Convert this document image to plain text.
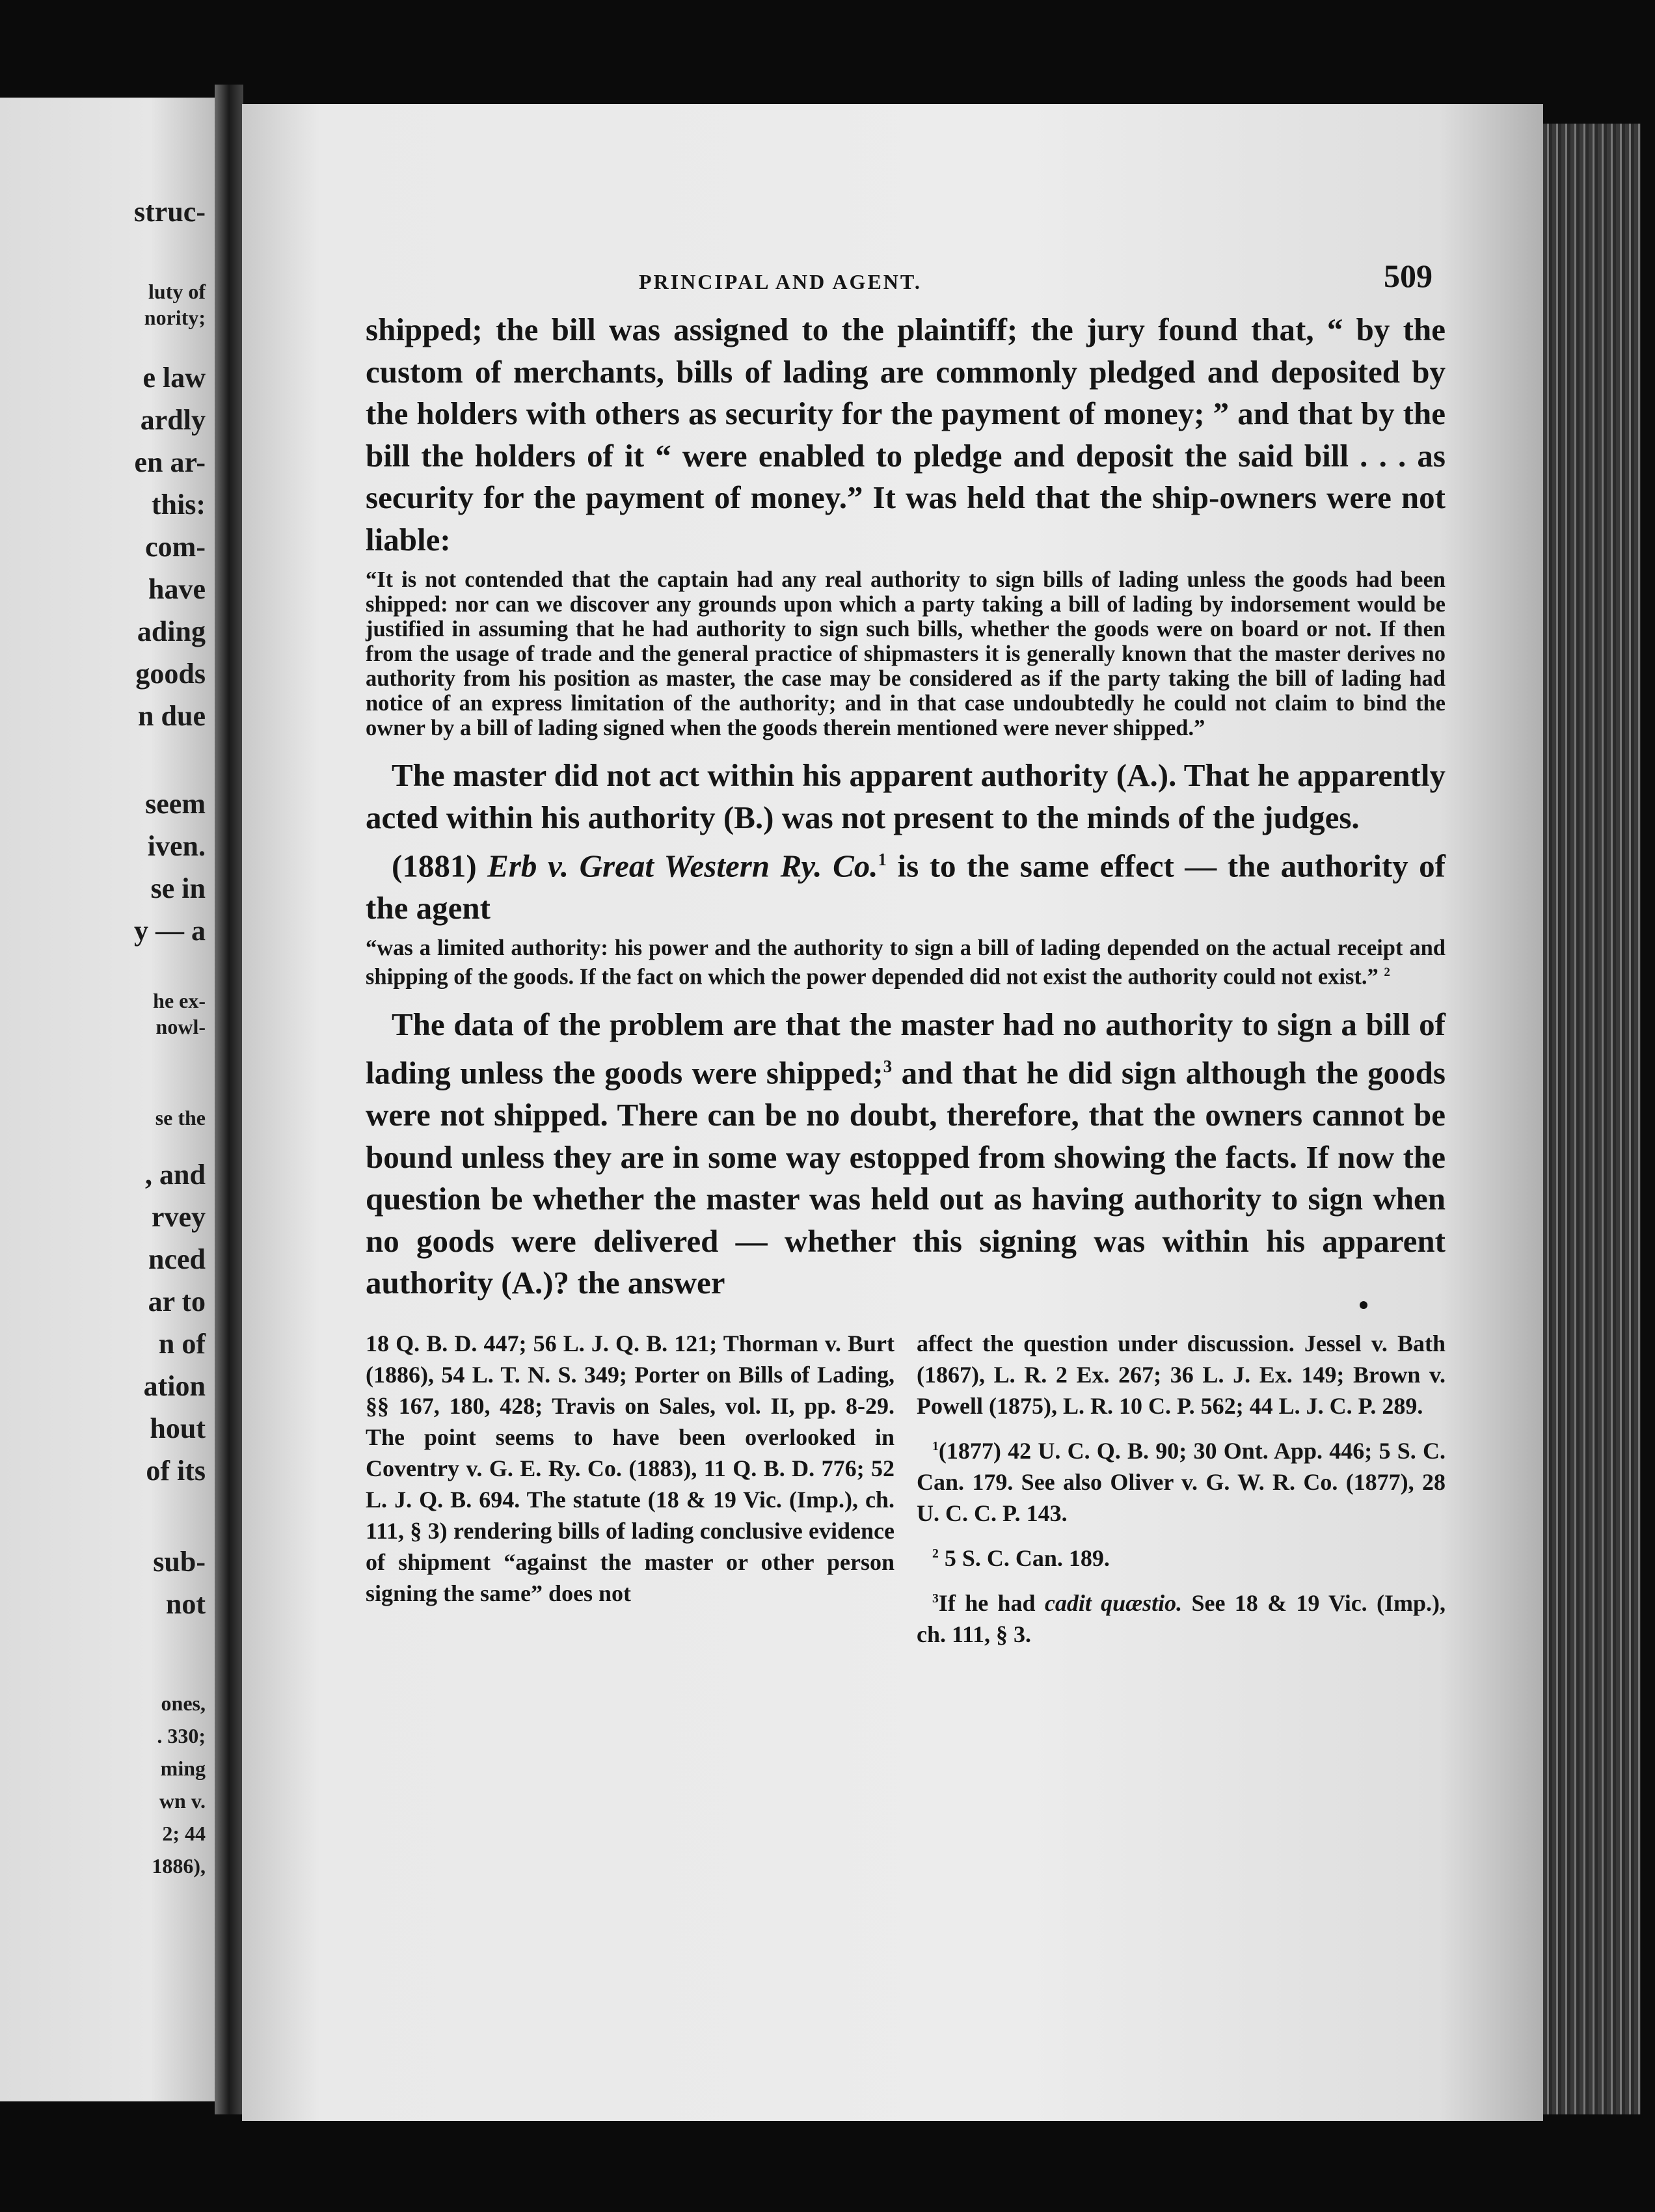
struc-
luty of
nority;
e law
ardly
en ar-
this:
com-
have
ading
goods
n due
seem
iven.
se in
y — a
he ex-
nowl-
se the
, and
rvey
nced
ar to
n of
ation
hout
of its
sub-
not
ones,
. 330;
ming
wn v.
2; 44
1886),
PRINCIPAL AND AGENT.	509

shipped; the bill was assigned to the plaintiff; the jury found that, “ by the custom of merchants, bills of lading are commonly pledged and deposited by the holders with others as security for the payment of money; ” and that by the bill the holders of it “ were enabled to pledge and deposit the said bill . . . as security for the payment of money.” It was held that the ship-owners were not liable:

“It is not contended that the captain had any real authority to sign bills of lading unless the goods had been shipped: nor can we discover any grounds upon which a party taking a bill of lading by indorsement would be justified in assuming that he had authority to sign such bills, whether the goods were on board or not. If then from the usage of trade and the general practice of shipmasters it is generally known that the master derives no authority from his position as master, the case may be considered as if the party taking the bill of lading had notice of an express limitation of the authority; and in that case undoubtedly he could not claim to bind the owner by a bill of lading signed when the goods therein mentioned were never shipped.”

The master did not act within his apparent authority (A.). That he apparently acted within his authority (B.) was not present to the minds of the judges.

(1881) Erb v. Great Western Ry. Co.$^1$ is to the same effect — the authority of the agent

“was a limited authority: his power and the authority to sign a bill of lading depended on the actual receipt and shipping of the goods. If the fact on which the power depended did not exist the authority could not exist.” $^2$

The data of the problem are that the master had no authority to sign a bill of lading unless the goods were shipped;$^3$ and that he did sign although the goods were not shipped. There can be no doubt, therefore, that the owners cannot be bound unless they are in some way estopped from showing the facts. If now the question be whether the master was held out as having authority to sign when no goods were delivered — whether this signing was within his apparent authority (A.)? the answer

18 Q. B. D. 447; 56 L. J. Q. B. 121; Thorman v. Burt (1886), 54 L. T. N. S. 349; Porter on Bills of Lading, §§ 167, 180, 428; Travis on Sales, vol. II, pp. 8-29. The point seems to have been overlooked in Coventry v. G. E. Ry. Co. (1883), 11 Q. B. D. 776; 52 L. J. Q. B. 694. The statute (18 & 19 Vic. (Imp.), ch. 111, § 3) rendering bills of lading conclusive evidence of shipment “against the master or other person signing the same” does not

affect the question under discussion. Jessel v. Bath (1867), L. R. 2 Ex. 267; 36 L. J. Ex. 149; Brown v. Powell (1875), L. R. 10 C. P. 562; 44 L. J. C. P. 289.

$^1$(1877) 42 U. C. Q. B. 90; 30 Ont. App. 446; 5 S. C. Can. 179. See also Oliver v. G. W. R. Co. (1877), 28 U. C. C. P. 143.

$^2$ 5 S. C. Can. 189.

$^3$If he had cadit quæstio. See 18 & 19 Vic. (Imp.), ch. 111, § 3.
